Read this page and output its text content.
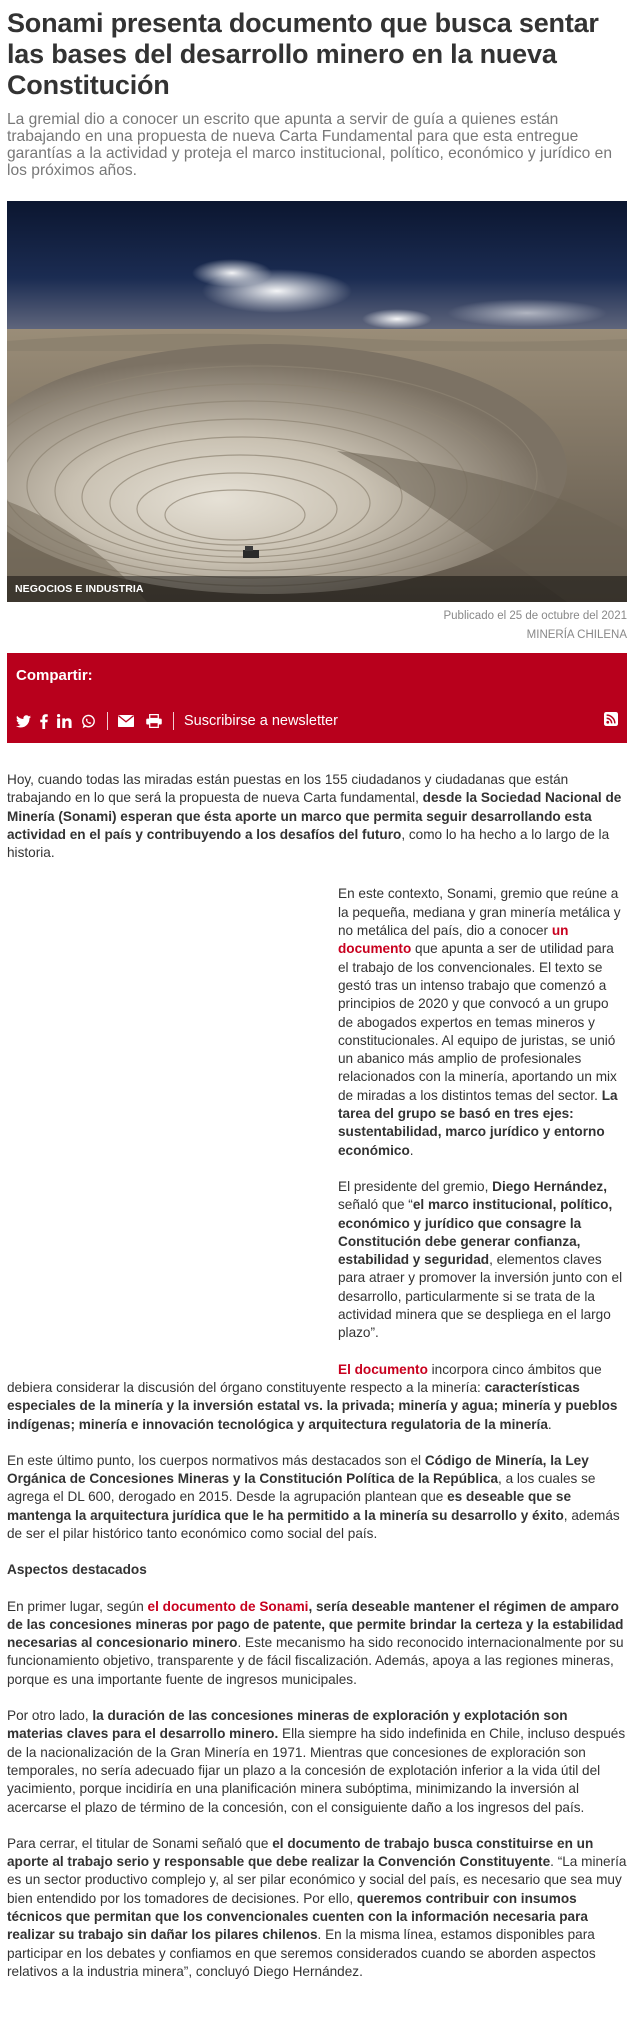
Sonami presenta documento que busca sentar las bases del desarrollo minero en la nueva Constitución

La gremial dio a conocer un escrito que apunta a servir de guía a quienes están trabajando en una propuesta de nueva Carta Fundamental para que esta entregue garantías a la actividad y proteja el marco institucional, político, económico y jurídico en los próximos años.

NEGOCIOS E INDUSTRIA
Publicado el 25 de octubre del 2021
MINERÍA CHILENA
Compartir:
Suscribirse a newsletter

Hoy, cuando todas las miradas están puestas en los 155 ciudadanos y ciudadanas que están trabajando en lo que será la propuesta de nueva Carta fundamental, desde la Sociedad Nacional de Minería (Sonami) esperan que ésta aporte un marco que permita seguir desarrollando esta actividad en el país y contribuyendo a los desafíos del futuro, como lo ha hecho a lo largo de la historia.

En este contexto, Sonami, gremio que reúne a la pequeña, mediana y gran minería metálica y no metálica del país, dio a conocer un documento que apunta a ser de utilidad para el trabajo de los convencionales. El texto se gestó tras un intenso trabajo que comenzó a principios de 2020 y que convocó a un grupo de abogados expertos en temas mineros y constitucionales. Al equipo de juristas, se unió un abanico más amplio de profesionales relacionados con la minería, aportando un mix de miradas a los distintos temas del sector. La tarea del grupo se basó en tres ejes: sustentabilidad, marco jurídico y entorno económico.

El presidente del gremio, Diego Hernández, señaló que “el marco institucional, político, económico y jurídico que consagre la Constitución debe generar confianza, estabilidad y seguridad, elementos claves para atraer y promover la inversión junto con el desarrollo, particularmente si se trata de la actividad minera que se despliega en el largo plazo”.

El documento incorpora cinco ámbitos que debiera considerar la discusión del órgano constituyente respecto a la minería: características especiales de la minería y la inversión estatal vs. la privada; minería y agua; minería y pueblos indígenas; minería e innovación tecnológica y arquitectura regulatoria de la minería.

En este último punto, los cuerpos normativos más destacados son el Código de Minería, la Ley Orgánica de Concesiones Mineras y la Constitución Política de la República, a los cuales se agrega el DL 600, derogado en 2015. Desde la agrupación plantean que es deseable que se mantenga la arquitectura jurídica que le ha permitido a la minería su desarrollo y éxito, además de ser el pilar histórico tanto económico como social del país.

Aspectos destacados

En primer lugar, según el documento de Sonami, sería deseable mantener el régimen de amparo de las concesiones mineras por pago de patente, que permite brindar la certeza y la estabilidad necesarias al concesionario minero. Este mecanismo ha sido reconocido internacionalmente por su funcionamiento objetivo, transparente y de fácil fiscalización. Además, apoya a las regiones mineras, porque es una importante fuente de ingresos municipales.

Por otro lado, la duración de las concesiones mineras de exploración y explotación son materias claves para el desarrollo minero. Ella siempre ha sido indefinida en Chile, incluso después de la nacionalización de la Gran Minería en 1971. Mientras que concesiones de exploración son temporales, no sería adecuado fijar un plazo a la concesión de explotación inferior a la vida útil del yacimiento, porque incidiría en una planificación minera subóptima, minimizando la inversión al acercarse el plazo de término de la concesión, con el consiguiente daño a los ingresos del país.

Para cerrar, el titular de Sonami señaló que el documento de trabajo busca constituirse en un aporte al trabajo serio y responsable que debe realizar la Convención Constituyente. “La minería es un sector productivo complejo y, al ser pilar económico y social del país, es necesario que sea muy bien entendido por los tomadores de decisiones. Por ello, queremos contribuir con insumos técnicos que permitan que los convencionales cuenten con la información necesaria para realizar su trabajo sin dañar los pilares chilenos. En la misma línea, estamos disponibles para participar en los debates y confiamos en que seremos considerados cuando se aborden aspectos relativos a la industria minera”, concluyó Diego Hernández.
